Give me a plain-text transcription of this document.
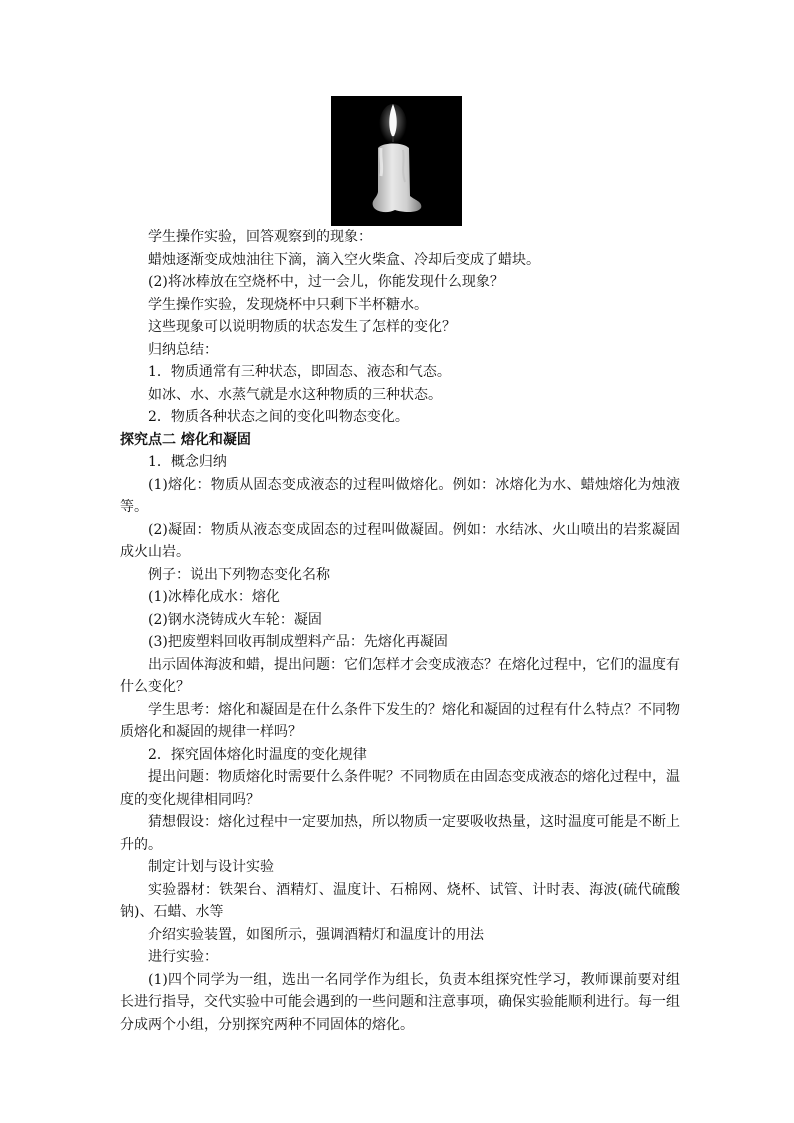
学生操作实验，回答观察到的现象：

蜡烛逐渐变成烛油往下滴，滴入空火柴盒、冷却后变成了蜡块。

(2)将冰棒放在空烧杯中，过一会儿，你能发现什么现象？

学生操作实验，发现烧杯中只剩下半杯糖水。

这些现象可以说明物质的状态发生了怎样的变化？

归纳总结：

1．物质通常有三种状态，即固态、液态和气态。

如冰、水、水蒸气就是水这种物质的三种状态。

2．物质各种状态之间的变化叫物态变化。

探究点二 熔化和凝固

1．概念归纳

(1)熔化：物质从固态变成液态的过程叫做熔化。例如：冰熔化为水、蜡烛熔化为烛液等。

(2)凝固：物质从液态变成固态的过程叫做凝固。例如：水结冰、火山喷出的岩浆凝固成火山岩。

例子：说出下列物态变化名称

(1)冰棒化成水：熔化

(2)钢水浇铸成火车轮：凝固

(3)把废塑料回收再制成塑料产品：先熔化再凝固

出示固体海波和蜡，提出问题：它们怎样才会变成液态？在熔化过程中，它们的温度有什么变化？

学生思考：熔化和凝固是在什么条件下发生的？熔化和凝固的过程有什么特点？不同物质熔化和凝固的规律一样吗？

2．探究固体熔化时温度的变化规律

提出问题：物质熔化时需要什么条件呢？不同物质在由固态变成液态的熔化过程中，温度的变化规律相同吗？

猜想假设：熔化过程中一定要加热，所以物质一定要吸收热量，这时温度可能是不断上升的。

制定计划与设计实验

实验器材：铁架台、酒精灯、温度计、石棉网、烧杯、试管、计时表、海波(硫代硫酸钠)、石蜡、水等

介绍实验装置，如图所示，强调酒精灯和温度计的用法

进行实验：

(1)四个同学为一组，选出一名同学作为组长，负责本组探究性学习，教师课前要对组长进行指导，交代实验中可能会遇到的一些问题和注意事项，确保实验能顺利进行。每一组分成两个小组，分别探究两种不同固体的熔化。
